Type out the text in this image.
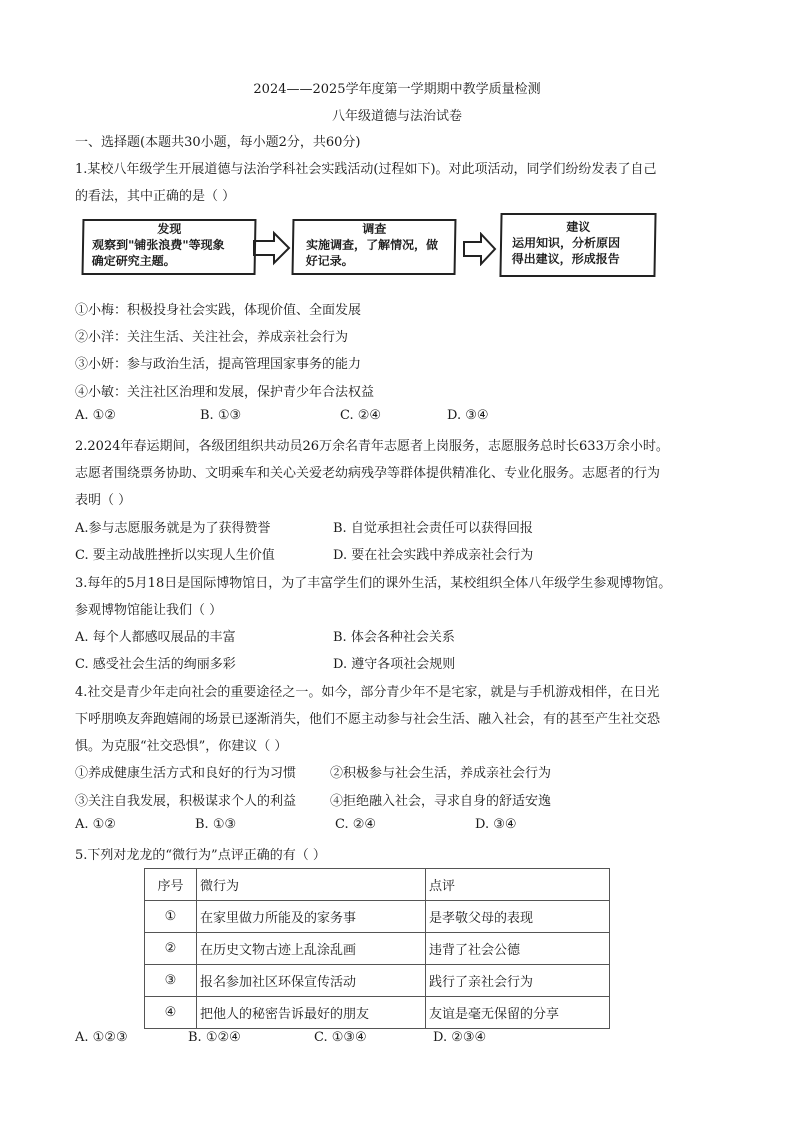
2024——2025学年度第一学期期中教学质量检测
八年级道德与法治试卷
一、选择题(本题共30小题，每小题2分，共60分)
1.某校八年级学生开展道德与法治学科社会实践活动(过程如下)。对此项活动，同学们纷纷发表了自己
的看法，其中正确的是（ ）
发现
观察到"铺张浪费"等现象
确定研究主题。
调查
实施调查，了解情况，做
好记录。
建议
运用知识，分析原因
得出建议，形成报告
①小梅：积极投身社会实践，体现价值、全面发展
②小洋：关注生活、关注社会，养成亲社会行为
③小妍：参与政治生活，提高管理国家事务的能力
④小敏：关注社区治理和发展，保护青少年合法权益
A. ①②	B. ①③	C. ②④	D. ③④
2.2024年春运期间，各级团组织共动员26万余名青年志愿者上岗服务，志愿服务总时长633万余小时。
志愿者围绕票务协助、文明乘车和关心关爱老幼病残孕等群体提供精准化、专业化服务。志愿者的行为
表明（ ）
A.参与志愿服务就是为了获得赞誉	B. 自觉承担社会责任可以获得回报
C. 要主动战胜挫折以实现人生价值	D. 要在社会实践中养成亲社会行为
3.每年的5月18日是国际博物馆日，为了丰富学生们的课外生活，某校组织全体八年级学生参观博物馆。
参观博物馆能让我们（ ）
A. 每个人都感叹展品的丰富	B. 体会各种社会关系
C. 感受社会生活的绚丽多彩	D. 遵守各项社会规则
4.社交是青少年走向社会的重要途径之一。如今，部分青少年不是宅家，就是与手机游戏相伴，在日光
下呼朋唤友奔跑嬉闹的场景已逐渐消失，他们不愿主动参与社会生活、融入社会，有的甚至产生社交恐
惧。为克服“社交恐惧”，你建议（ ）
①养成健康生活方式和良好的行为习惯	②积极参与社会生活，养成亲社会行为
③关注自我发展，积极谋求个人的利益	④拒绝融入社会，寻求自身的舒适安逸
A. ①②	B. ①③	C. ②④	D. ③④
5.下列对龙龙的“微行为”点评正确的有（ ）
序号	微行为	点评
①	在家里做力所能及的家务事	是孝敬父母的表现
②	在历史文物古迹上乱涂乱画	违背了社会公德
③	报名参加社区环保宣传活动	践行了亲社会行为
④	把他人的秘密告诉最好的朋友	友谊是毫无保留的分享
A. ①②③	B. ①②④	C. ①③④	D. ②③④
